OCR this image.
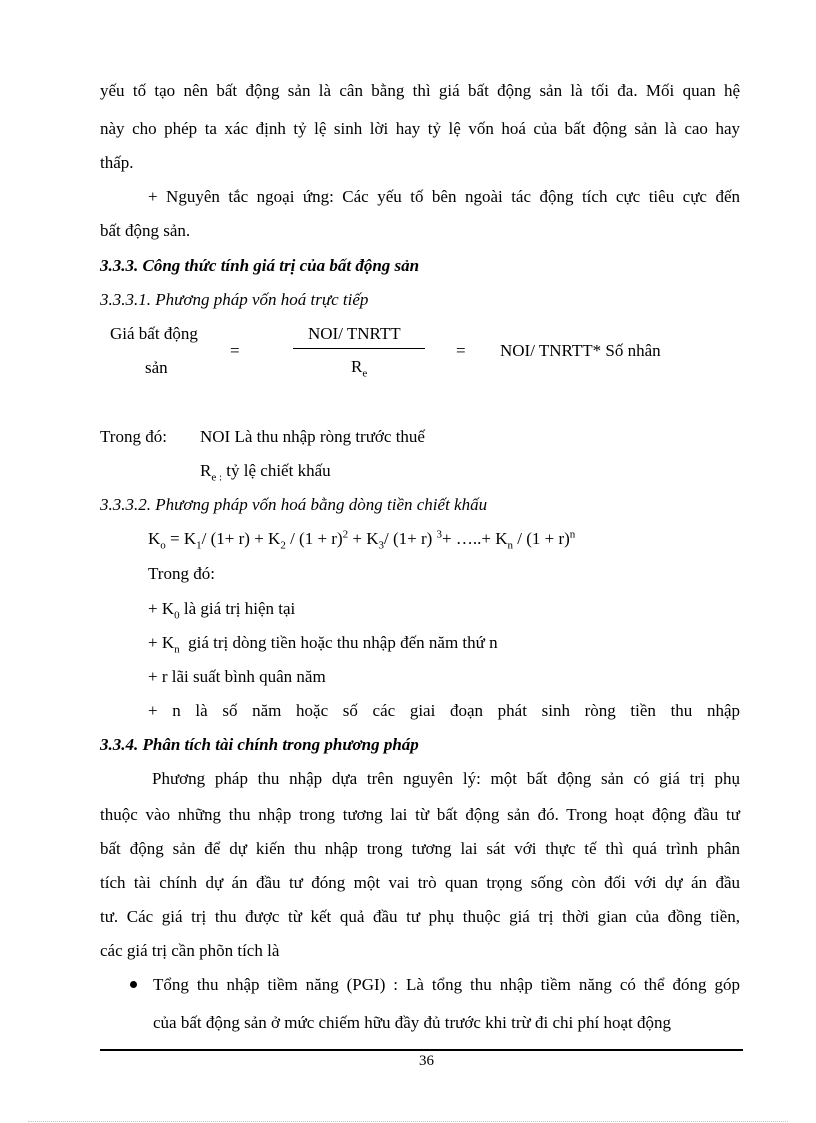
yếu tố tạo nên bất động sản là cân bằng thì giá bất động sản là tối đa. Mối quan hệ
này cho phép ta xác định tỷ lệ sinh lời hay tỷ lệ vốn hoá của bất động sản là cao hay
thấp.
+ Nguyên tắc ngoại ứng: Các yếu tố bên ngoài tác động tích cực tiêu cực đến
bất động sản.
3.3.3. Công thức tính giá trị của bất động sản
3.3.3.1. Phương pháp vốn hoá trực tiếp
Giá bất động
sản
=
NOI/ TNRTT
$R_e$
= NOI/ TNRTT* Số nhân
Trong đó: NOI Là thu nhập ròng trước thuế
$R_{e :}$ tỷ lệ chiết khấu
3.3.3.2. Phương pháp vốn hoá bằng dòng tiền chiết khấu
$K_o = K_1/$ $(1+ r) + K_2 / (1 + r)^2 + K_3/$ (1+ r) $^3$+ …..+ $K_n / (1 + r)^n$
Trong đó:
+ $K_0$ là giá trị hiện tại
+ $K_n$  giá trị dòng tiền hoặc thu nhập đến năm thứ n
+ r lãi suất bình quân năm
+ n là số năm hoặc số các giai đoạn phát sinh ròng tiền thu nhập
3.3.4. Phân tích tài chính trong phương pháp
Phương pháp thu nhập dựa trên nguyên lý: một bất động sản có giá trị phụ
thuộc vào những thu nhập trong tương lai từ bất động sản đó. Trong hoạt động đầu tư
bất động sản để dự kiến thu nhập trong tương lai sát với thực tế thì quá trình phân
tích tài chính dự án đầu tư đóng một vai trò quan trọng sống còn đối với dự án đầu
tư. Các giá trị thu được từ kết quả đầu tư phụ thuộc giá trị thời gian của đồng tiền,
các giá trị cần phõn tích là
Tổng thu nhập tiềm năng (PGI) : Là tổng thu nhập tiềm năng có thể đóng góp
của bất động sản ở mức chiếm hữu đầy đủ trước khi trừ đi chi phí hoạt động
36
